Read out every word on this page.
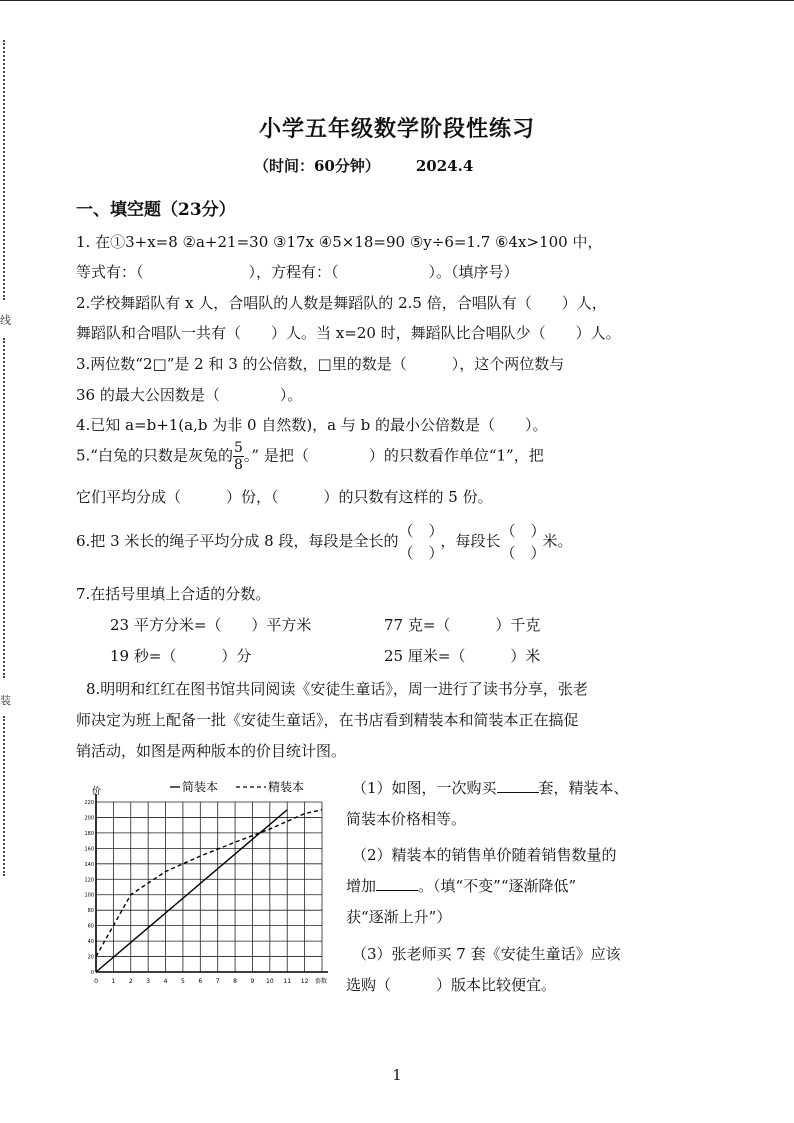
线
装
小学五年级数学阶段性练习
（时间：60分钟） 2024.4
一、填空题（23分）
1. 在①3+x=8 ②a+21=30 ③17x ④5×18=90 ⑤y÷6=1.7 ⑥4x>100 中，
等式有：（　　　　　　　），方程有：（　　　　　　）。（填序号）
2.学校舞蹈队有 x 人，合唱队的人数是舞蹈队的 2.5 倍，合唱队有（　　）人，
舞蹈队和合唱队一共有（　　）人。当 x=20 时，舞蹈队比合唱队少（　　）人。
3.两位数“2□”是 2 和 3 的公倍数，□里的数是（　　　），这个两位数与
36 的最大公因数是（　　　　）。
4.已知 a=b+1(a,b 为非 0 自然数)，a 与 b 的最小公倍数是（　　）。
5.“白兔的只数是灰兔的 $\frac{5}{8}$ 。” 是把（　　　　）的只数看作单位“1”，把
它们平均分成（　　　）份，（　　　）的只数有这样的 5 份。
6.把 3 米长的绳子平均分成 8 段，每段是全长的
（　）
（　）
，每段长
（　）
（　）
米。
7.在括号里填上合适的分数。
23 平方分米=（　　）平方米	77 克=（　　　）千克
19 秒=（　　　）分	25 厘米=（　　　）米
8.明明和红红在图书馆共同阅读《安徒生童话》，周一进行了读书分享，张老
师决定为班上配备一批《安徒生童话》，在书店看到精装本和简装本正在搞促
销活动，如图是两种版本的价目统计图。
（1）如图，一次购买	套，精装本、
简装本价格相等。
（2）精装本的销售单价随着销售数量的
增加	。（填“不变”“逐渐降低”
获“逐渐上升”）
（3）张老师买 7 套《安徒生童话》应该
选购（　　　）版本比较便宜。
0
20
40
60
80
100
120
140
160
180
200
220
0 1 2 3 4 5 6 7 8 9 10 11 12 套数
价	简装本	精装本
1
